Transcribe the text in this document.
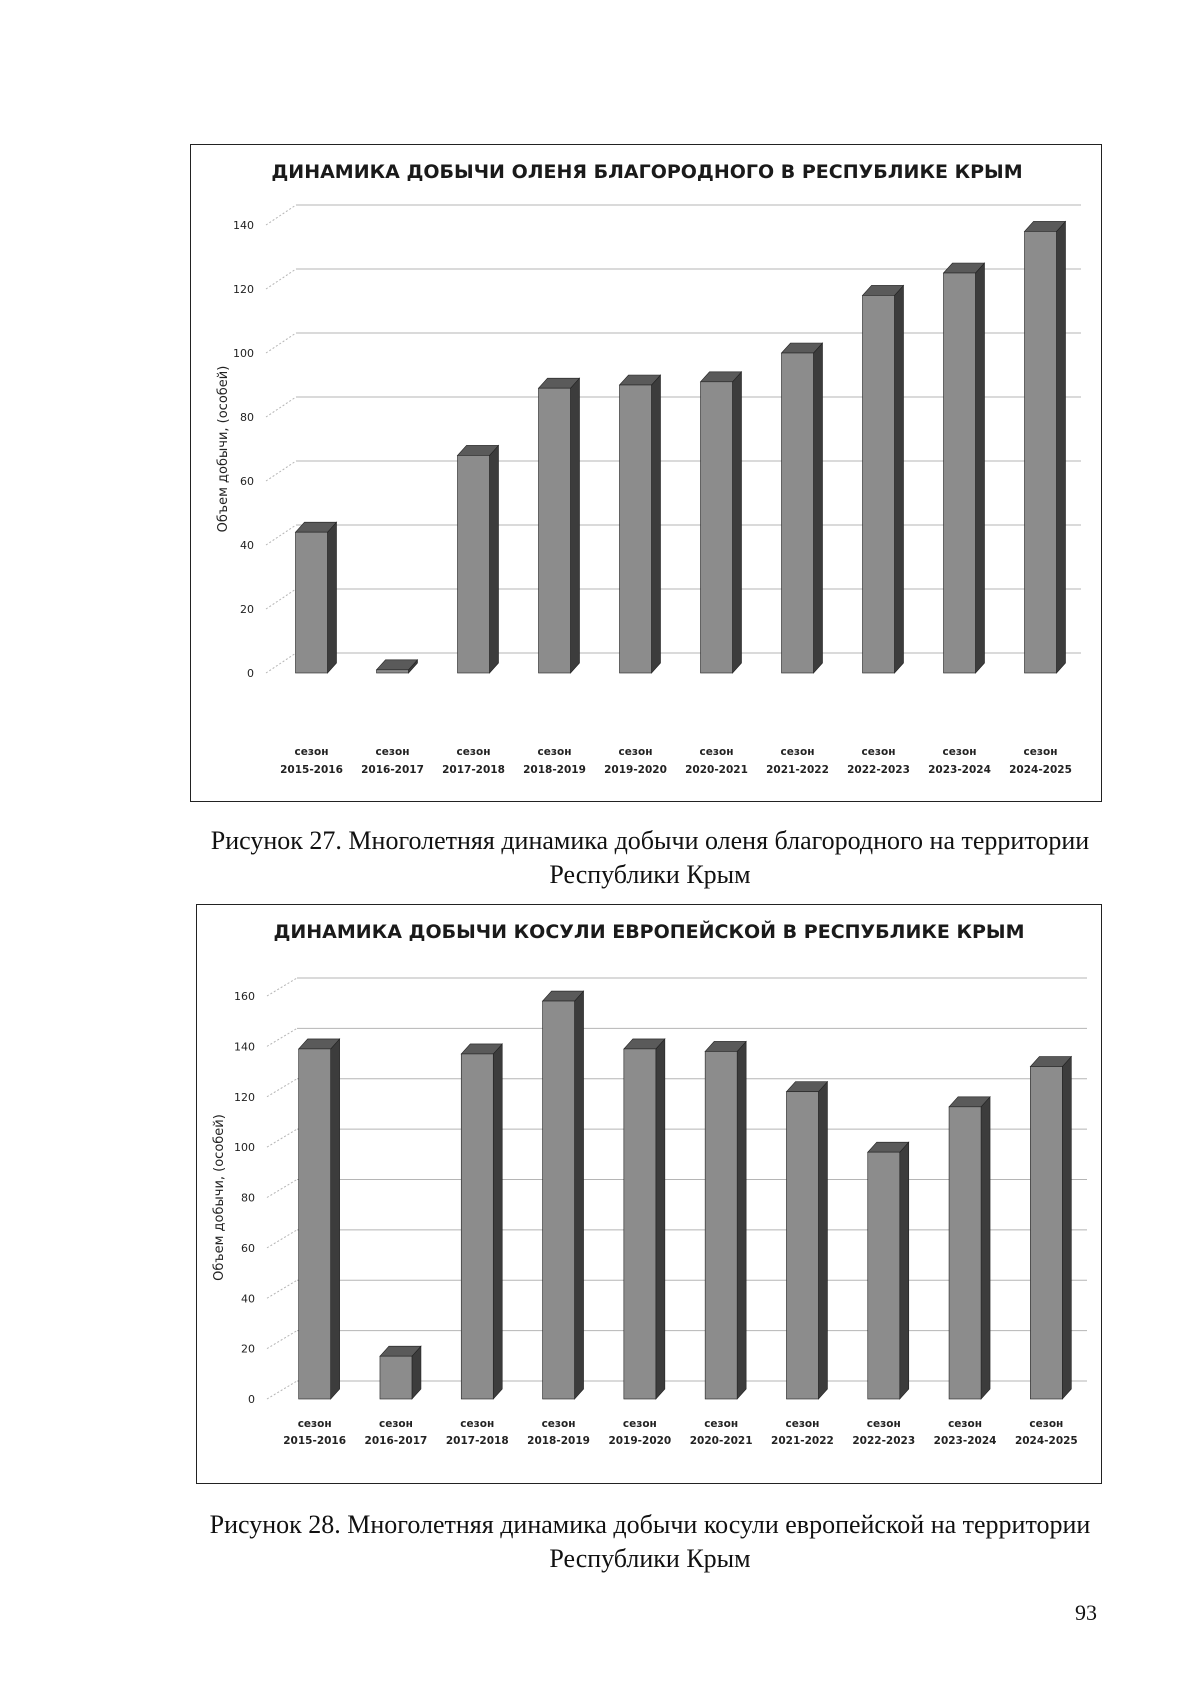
ДИНАМИКА ДОБЫЧИ ОЛЕНЯ БЛАГОРОДНОГО В РЕСПУБЛИКЕ КРЫМ
0
20
40
60
80
100
120
140
Объем добычи, (особей)
сезон
2015-2016
сезон
2016-2017
сезон
2017-2018
сезон
2018-2019
сезон
2019-2020
сезон
2020-2021
сезон
2021-2022
сезон
2022-2023
сезон
2023-2024
сезон
2024-2025
Рисунок 27. Многолетняя динамика добычи оленя благородного на территории Республики Крым
ДИНАМИКА ДОБЫЧИ КОСУЛИ ЕВРОПЕЙСКОЙ В РЕСПУБЛИКЕ КРЫМ
0
20
40
60
80
100
120
140
160
Объем добычи, (особей)
сезон
2015-2016
сезон
2016-2017
сезон
2017-2018
сезон
2018-2019
сезон
2019-2020
сезон
2020-2021
сезон
2021-2022
сезон
2022-2023
сезон
2023-2024
сезон
2024-2025
Рисунок 28. Многолетняя динамика добычи косули европейской на территории Республики Крым
93
